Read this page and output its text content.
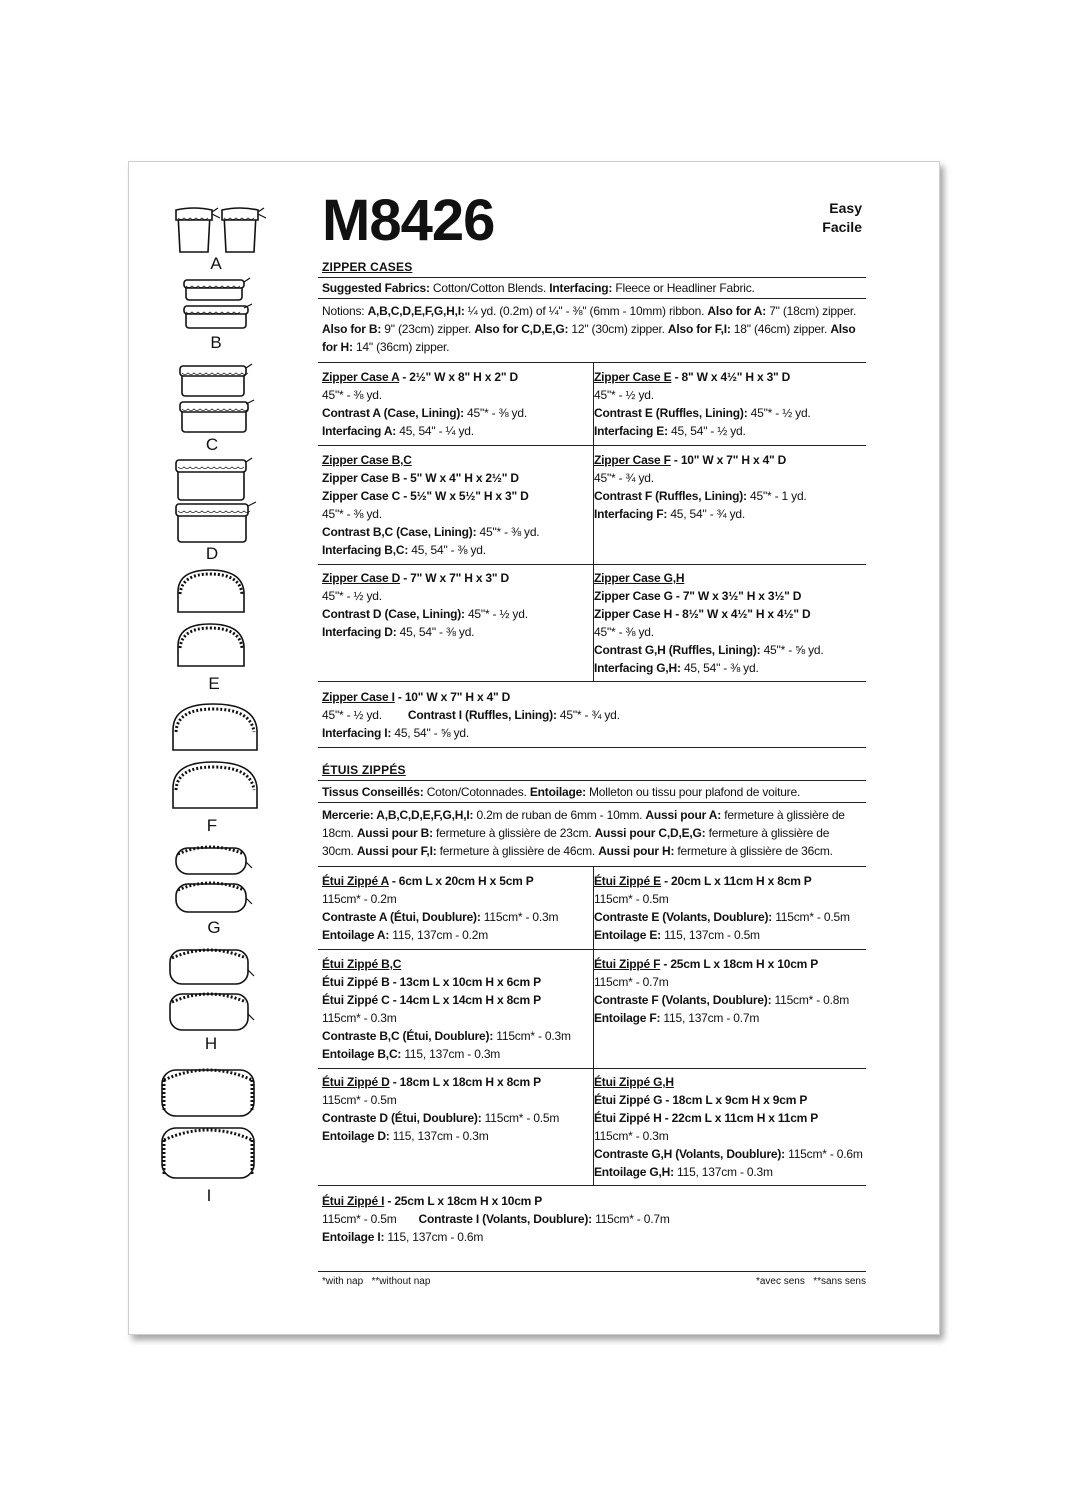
A
B
C
D
E
F
G
H
I
M8426	Easy
Facile
ZIPPER CASES
Suggested Fabrics: Cotton/Cotton Blends. Interfacing: Fleece or Headliner Fabric.
Notions: A,B,C,D,E,F,G,H,I: ¼ yd. (0.2m) of ¼" - ⅜" (6mm - 10mm) ribbon. Also for A: 7" (18cm) zipper. Also for B: 9" (23cm) zipper. Also for C,D,E,G: 12" (30cm) zipper. Also for F,I: 18" (46cm) zipper. Also for H: 14" (36cm) zipper.
Zipper Case A - 2½" W x 8" H x 2" D
45"* - ⅜ yd.
Contrast A (Case, Lining): 45"* - ⅜ yd.
Interfacing A: 45, 54" - ¼ yd.
Zipper Case E - 8" W x 4½" H x 3" D
45"* - ½ yd.
Contrast E (Ruffles, Lining): 45"* - ½ yd.
Interfacing E: 45, 54" - ½ yd.
Zipper Case B,C
Zipper Case B - 5" W x 4" H x 2½" D
Zipper Case C - 5½" W x 5½" H x 3" D
45"* - ⅜ yd.
Contrast B,C (Case, Lining): 45"* - ⅜ yd.
Interfacing B,C: 45, 54" - ⅜ yd.
Zipper Case F - 10" W x 7" H x 4" D
45"* - ¾ yd.
Contrast F (Ruffles, Lining): 45"* - 1 yd.
Interfacing F: 45, 54" - ¾ yd.
Zipper Case D - 7" W x 7" H x 3" D
45"* - ½ yd.
Contrast D (Case, Lining): 45"* - ½ yd.
Interfacing D: 45, 54" - ⅜ yd.
Zipper Case G,H
Zipper Case G - 7" W x 3½" H x 3½" D
Zipper Case H - 8½" W x 4½" H x 4½" D
45"* - ⅜ yd.
Contrast G,H (Ruffles, Lining): 45"* - ⅝ yd.
Interfacing G,H: 45, 54" - ⅜ yd.
Zipper Case I - 10" W x 7" H x 4" D
45"* - ½ yd. Contrast I (Ruffles, Lining): 45"* - ¾ yd.
Interfacing I: 45, 54" - ⅝ yd.
ÉTUIS ZIPPÉS
Tissus Conseillés: Coton/Cotonnades. Entoilage: Molleton ou tissu pour plafond de voiture.
Mercerie: A,B,C,D,E,F,G,H,I: 0.2m de ruban de 6mm - 10mm. Aussi pour A: fermeture à glissière de 18cm. Aussi pour B: fermeture à glissière de 23cm. Aussi pour C,D,E,G: fermeture à glissière de 30cm. Aussi pour F,I: fermeture à glissière de 46cm. Aussi pour H: fermeture à glissière de 36cm.
Étui Zippé A - 6cm L x 20cm H x 5cm P
115cm* - 0.2m
Contraste A (Étui, Doublure): 115cm* - 0.3m
Entoilage A: 115, 137cm - 0.2m
Étui Zippé E - 20cm L x 11cm H x 8cm P
115cm* - 0.5m
Contraste E (Volants, Doublure): 115cm* - 0.5m
Entoilage E: 115, 137cm - 0.5m
Étui Zippé B,C
Étui Zippé B - 13cm L x 10cm H x 6cm P
Étui Zippé C - 14cm L x 14cm H x 8cm P
115cm* - 0.3m
Contraste B,C (Étui, Doublure): 115cm* - 0.3m
Entoilage B,C: 115, 137cm - 0.3m
Étui Zippé F - 25cm L x 18cm H x 10cm P
115cm* - 0.7m
Contraste F (Volants, Doublure): 115cm* - 0.8m
Entoilage F: 115, 137cm - 0.7m
Étui Zippé D - 18cm L x 18cm H x 8cm P
115cm* - 0.5m
Contraste D (Étui, Doublure): 115cm* - 0.5m
Entoilage D: 115, 137cm - 0.3m
Étui Zippé G,H
Étui Zippé G - 18cm L x 9cm H x 9cm P
Étui Zippé H - 22cm L x 11cm H x 11cm P
115cm* - 0.3m
Contraste G,H (Volants, Doublure): 115cm* - 0.6m
Entoilage G,H: 115, 137cm - 0.3m
Étui Zippé I - 25cm L x 18cm H x 10cm P
115cm* - 0.5m Contraste I (Volants, Doublure): 115cm* - 0.7m
Entoilage I: 115, 137cm - 0.6m
*with nap   **without nap	*avec sens   **sans sens
